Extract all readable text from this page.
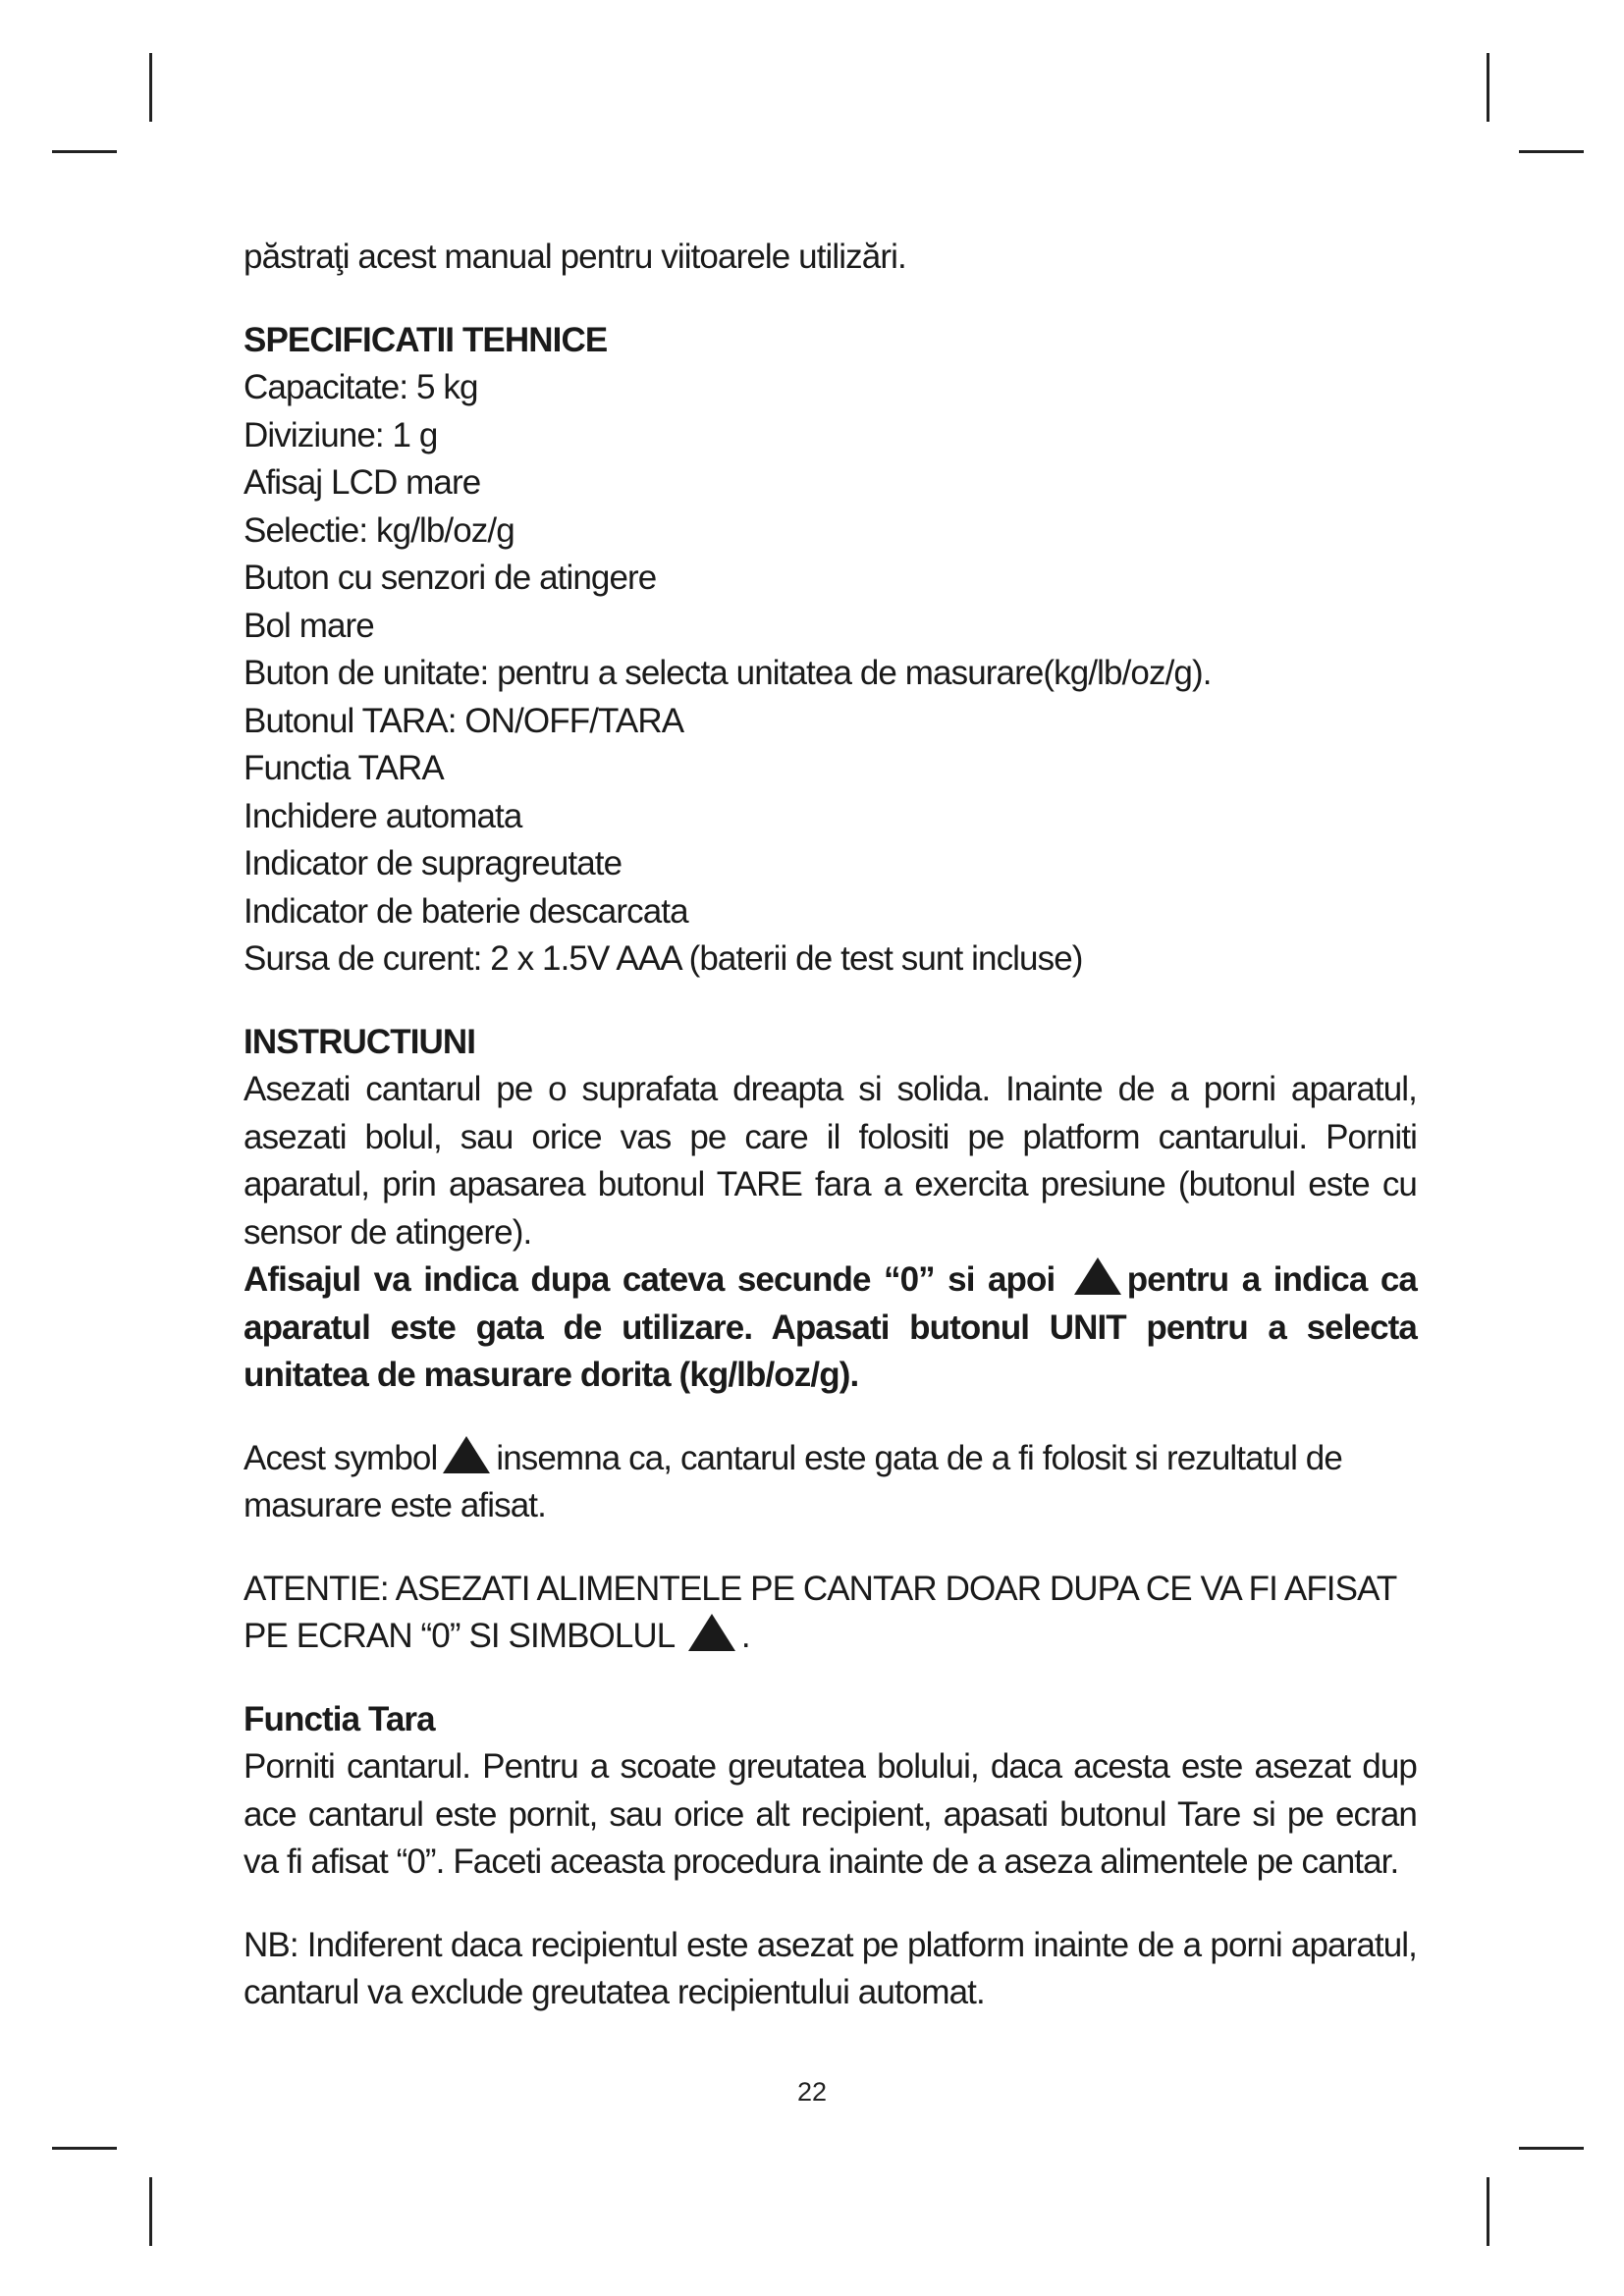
păstraţi acest manual pentru viitoarele utilizări.

SPECIFICATII TEHNICE

Capacitate: 5 kg
Diviziune: 1 g
Afisaj LCD mare
Selectie: kg/lb/oz/g
Buton cu senzori de atingere
Bol mare
Buton de unitate: pentru a selecta unitatea de masurare(kg/lb/oz/g).
Butonul TARA: ON/OFF/TARA
Functia TARA
Inchidere automata
Indicator de supragreutate
Indicator de baterie descarcata
Sursa de curent: 2 x 1.5V AAA (baterii de test sunt incluse)

INSTRUCTIUNI

Asezati cantarul pe o suprafata dreapta si solida. Inainte de a porni aparatul, asezati bolul, sau orice vas pe care il folositi pe platform cantarului. Porniti aparatul, prin apasarea butonul TARE fara a exercita presiune (butonul este cu sensor de atingere).

Afisajul va indica dupa cateva secunde “0” si apoi pentru a indica ca aparatul este gata de utilizare. Apasati butonul UNIT pentru a selecta unitatea de masurare dorita (kg/lb/oz/g).

Acest symbol insemna ca, cantarul este gata de a fi folosit si rezultatul de masurare este afisat.

ATENTIE: ASEZATI ALIMENTELE PE CANTAR DOAR DUPA CE VA FI AFISAT PE ECRAN “0” SI SIMBOLUL .

Functia Tara

Porniti cantarul. Pentru a scoate greutatea bolului, daca acesta este asezat dup ace cantarul este pornit, sau orice alt recipient, apasati butonul Tare si pe ecran va fi afisat “0”. Faceti aceasta procedura inainte de a aseza alimentele pe cantar.

NB: Indiferent daca recipientul este asezat pe platform inainte de a porni aparatul, cantarul va exclude greutatea recipientului automat.

22
